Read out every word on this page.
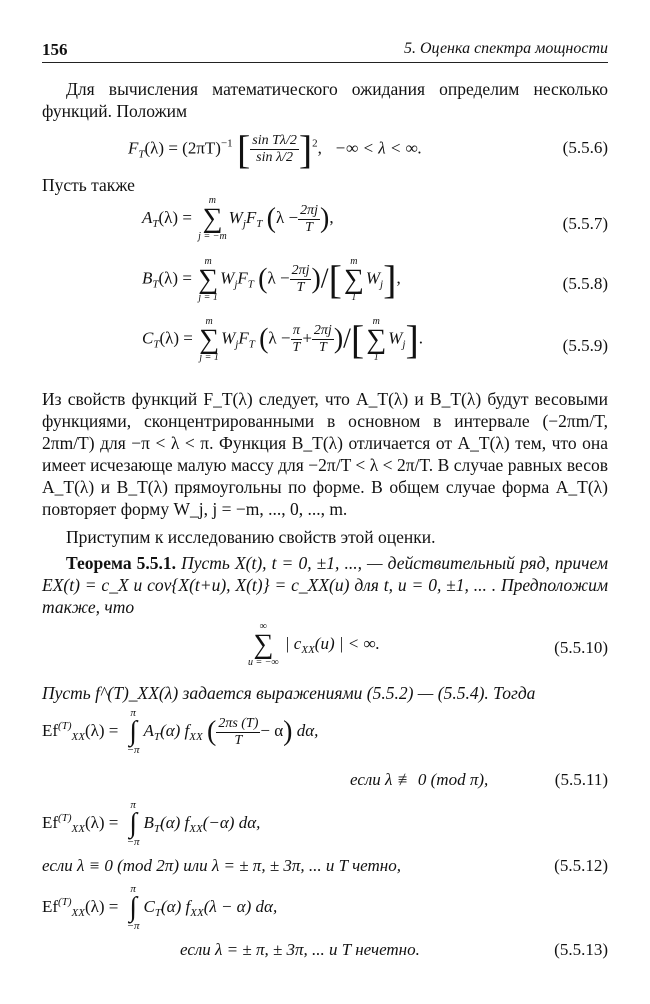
156	5. Оценка спектра мощности
Для вычисления математического ожидания определим несколько функций. Положим
$F_T(\lambda) = (2\pi T)^{-1}$ [ $\frac{\text{sin Tλ/2}}{\text{sin λ/2}} ]^2$,   −∞ < λ < ∞.	(5.5.6)
Пусть также
$A_T(\lambda)$ =
m
∑
j = −m
$W_jF_T$ ($\lambda - \frac{2\pi j}{T}$ ),	(5.5.7)
$B_T(\lambda)$ =
m
∑
j = 1
$W_jF_T$ ($\lambda - \frac{2\pi j}{T}$ )/[ m
∑
1
$W_j$],	(5.5.8)
$C_T(\lambda)$ =
m
∑
j = 1
$W_jF_T$ ($\lambda - \frac{\pi}{T} + \frac{2\pi j}{T}$ )/[ m
∑
1
$W_j$].	(5.5.9)
Из свойств функций F_T(λ) следует, что A_T(λ) и B_T(λ) будут весовыми функциями, сконцентрированными в основном в интервале (−2πm/T, 2πm/T) для −π < λ < π. Функция B_T(λ) отличается от A_T(λ) тем, что она имеет исчезающе малую массу для −2π/T < λ < 2π/T. В случае равных весов A_T(λ) и B_T(λ) прямоугольны по форме. В общем случае форма A_T(λ) повторяет форму W_j, j = −m, ..., 0, ..., m.
Приступим к исследованию свойств этой оценки.
Теорема 5.5.1. Пусть X(t), t = 0, ±1, ..., — действительный ряд, причем EX(t) = c_X и cov{X(t+u), X(t)} = c_XX(u) для t, u = 0, ±1, ... . Предположим также, что
∞
∑
u = −∞
| $c_{XX}(u)$ | < ∞.	(5.5.10)
Пусть f^(T)_XX(λ) задается выражениями (5.5.2) — (5.5.4). Тогда
$Ef^{(T)}_{XX}(\lambda)$ =
π
∫
−π
$A_T(\alpha)$ $f_{XX}$ ( $\frac{2\pi s (T)}{T} - \alpha$) dα,
если λ ≢ 0 (mod π),	(5.5.11)
$Ef^{(T)}_{XX}(\lambda)$ =
π
∫
−π
$B_T(\alpha)$ $f_{XX}(-\alpha)$ dα,
если λ ≡ 0 (mod 2π) или λ = ± π, ± 3π, ... и T четно,	(5.5.12)
$Ef^{(T)}_{XX}(\lambda)$ =
π
∫
−π
$C_T(\alpha) f_{XX}(\lambda - \alpha)$ dα,
если λ = ± π, ± 3π, ... и T нечетно.	(5.5.13)
